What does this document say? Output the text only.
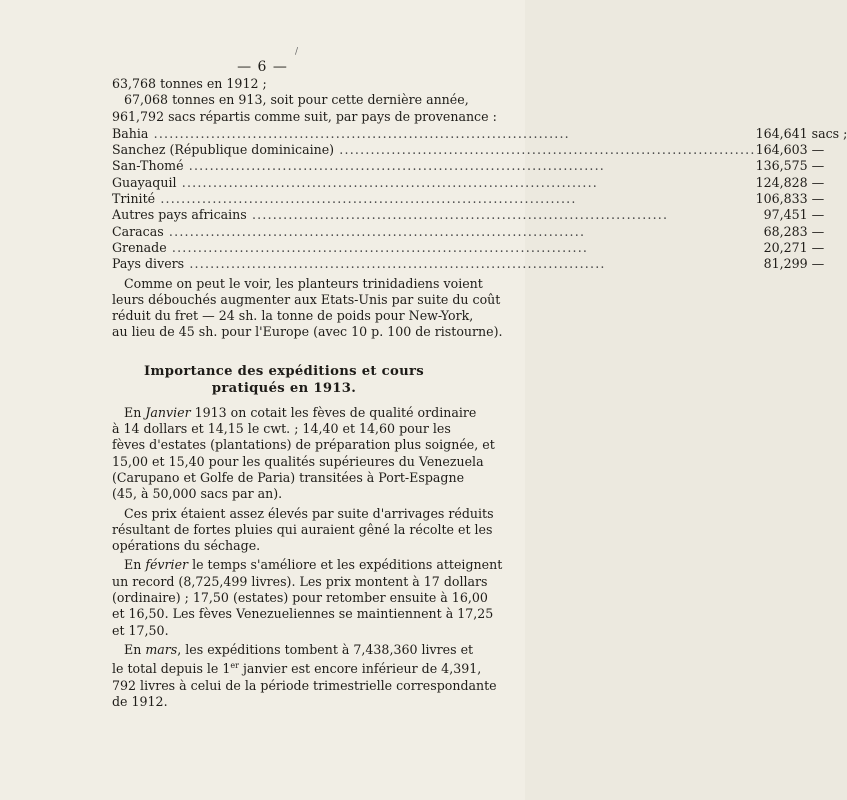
/
— 6 —
63,768 tonnes en 1912 ;
67,068 tonnes en 913, soit pour cette dernière année,
961,792 sacs répartis comme suit, par pays de provenance :
Bahia ................................................................................	164,641	sacs ;
Sanchez (République dominicaine) ................................................................................	164,603	—
San-Thomé ................................................................................	136,575	—
Guayaquil ................................................................................	124,828	—
Trinité ................................................................................	106,833	—
Autres pays africains ................................................................................	97,451	—
Caracas ................................................................................	68,283	—
Grenade ................................................................................	20,271	—
Pays divers ................................................................................	81,299	—
Comme on peut le voir, les planteurs trinidadiens voient
leurs débouchés augmenter aux Etats-Unis par suite du coût
réduit du fret — 24 sh. la tonne de poids pour New-York,
au lieu de 45 sh. pour l'Europe (avec 10 p. 100 de ristourne).
Importance des expéditions et cours
pratiqués en 1913.
En Janvier 1913 on cotait les fèves de qualité ordinaire
à 14 dollars et 14,15 le cwt. ; 14,40 et 14,60 pour les
fèves d'estates (plantations) de préparation plus soignée, et
15,00 et 15,40 pour les qualités supérieures du Venezuela
(Carupano et Golfe de Paria) transitées à Port-Espagne
(45, à 50,000 sacs par an).
Ces prix étaient assez élevés par suite d'arrivages réduits
résultant de fortes pluies qui auraient gêné la récolte et les
opérations du séchage.
En février le temps s'améliore et les expéditions atteignent
un record (8,725,499 livres). Les prix montent à 17 dollars
(ordinaire) ; 17,50 (estates) pour retomber ensuite à 16,00
et 16,50. Les fèves Venezueliennes se maintiennent à 17,25
et 17,50.
En mars, les expéditions tombent à 7,438,360 livres et
le total depuis le 1er janvier est encore inférieur de 4,391,
792 livres à celui de la période trimestrielle correspondante
de 1912.
